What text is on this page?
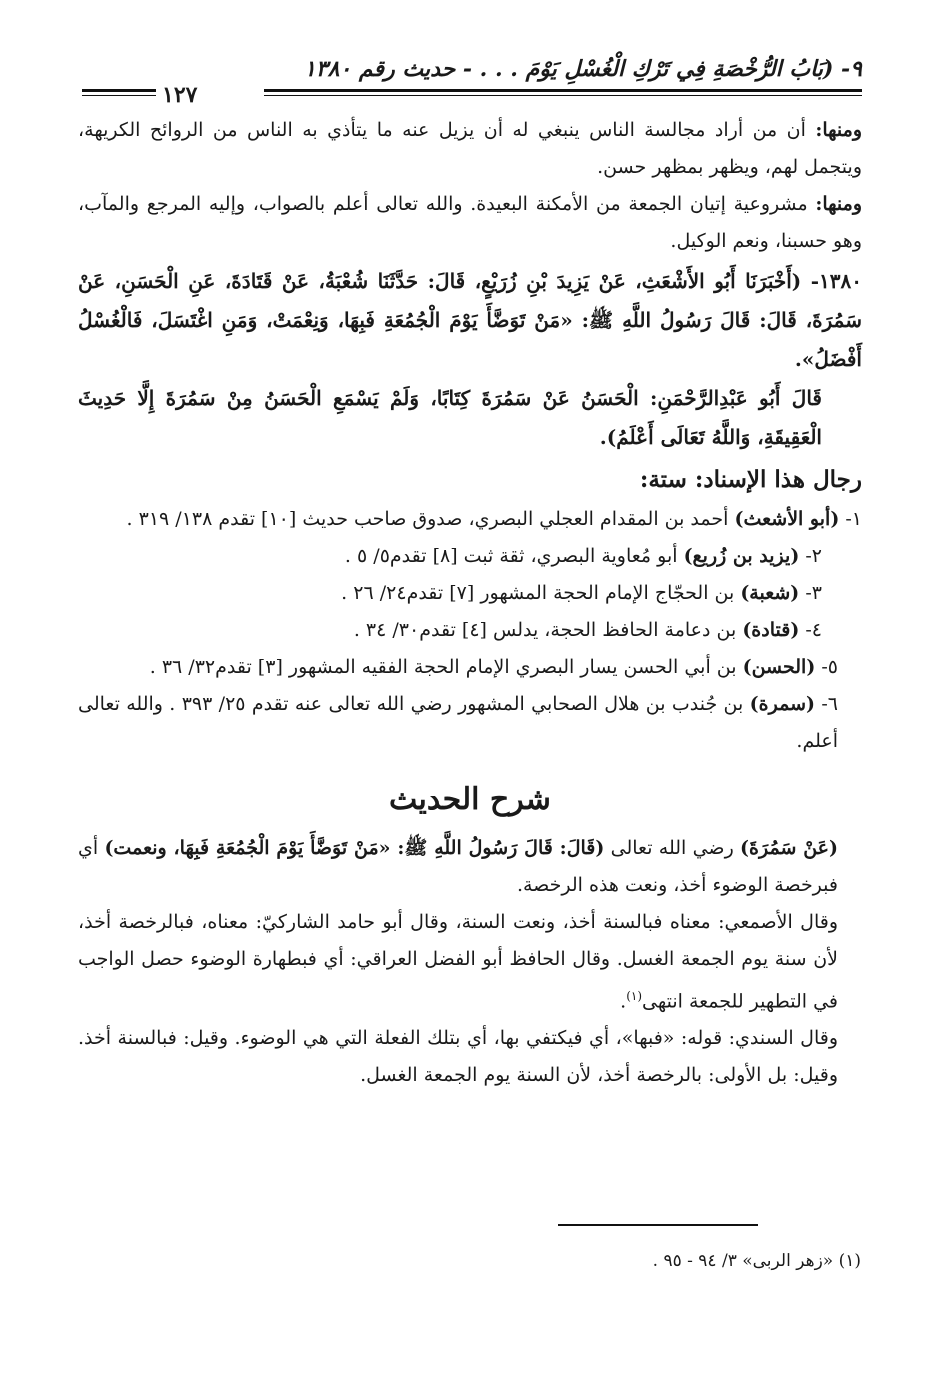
٩- (بَابُ الرُّخْصَةِ فِي تَرْكِ الْغُسْلِ يَوْمَ . . . - حديث رقم ١٣٨٠
١٢٧

ومنها: أن من أراد مجالسة الناس ينبغي له أن يزيل عنه ما يتأذي به الناس من الروائح الكريهة، ويتجمل لهم، ويظهر بمظهر حسن.

ومنها: مشروعية إتيان الجمعة من الأمكنة البعيدة. والله تعالى أعلم بالصواب، وإليه المرجع والمآب، وهو حسبنا، ونعم الوكيل.

١٣٨٠- (أَخْبَرَنَا أَبُو الأَشْعَثِ، عَنْ يَزِيدَ بْنِ زُرَيْعٍ، قَالَ: حَدَّثَنَا شُعْبَةُ، عَنْ قَتَادَةَ، عَنِ الْحَسَنِ، عَنْ سَمُرَةَ، قَالَ: قَالَ رَسُولُ اللَّهِ ﷺ: «مَنْ تَوَضَّأَ يَوْمَ الْجُمُعَةِ فَبِهَا، وَنِعْمَتْ، وَمَنِ اغْتَسَلَ، فَالْغُسْلُ أَفْضَلُ».

قَالَ أَبُو عَبْدِالرَّحْمَنِ: الْحَسَنُ عَنْ سَمُرَةَ كِتَابًا، وَلَمْ يَسْمَعِ الْحَسَنُ مِنْ سَمُرَةَ إِلَّا حَدِيثَ الْعَقِيقَةِ، وَاللَّهُ تَعَالَى أَعْلَمُ).

رجال هذا الإسناد: ستة:

١- (أبو الأشعث) أحمد بن المقدام العجلي البصري، صدوق صاحب حديث [١٠] تقدم ١٣٨/ ٣١٩ .

٢- (يزيد بن زُريع) أبو مُعاوية البصري، ثقة ثبت [٨] تقدم٥/ ٥ .

٣- (شعبة) بن الحجّاج الإمام الحجة المشهور [٧] تقدم٢٤/ ٢٦ .

٤- (قتادة) بن دعامة الحافظ الحجة، يدلس [٤] تقدم٣٠/ ٣٤ .

٥- (الحسن) بن أبي الحسن يسار البصري الإمام الحجة الفقيه المشهور [٣] تقدم٣٢/ ٣٦ .

٦- (سمرة) بن جُندب بن هلال الصحابي المشهور رضي الله تعالى عنه تقدم ٢٥/ ٣٩٣ . والله تعالى أعلم.

شرح الحديث

(عَنْ سَمُرَةَ) رضي الله تعالى (قَالَ: قَالَ رَسُولُ اللَّهِ ﷺ: «مَنْ تَوَضَّأَ يَوْمَ الْجُمُعَةِ فَبِهَا، ونعمت) أي فبرخصة الوضوء أخذ، ونعت هذه الرخصة.

وقال الأصمعي: معناه فبالسنة أخذ، ونعت السنة، وقال أبو حامد الشاركيّ: معناه، فبالرخصة أخذ، لأن سنة يوم الجمعة الغسل. وقال الحافظ أبو الفضل العراقي: أي فبطهارة الوضوء حصل الواجب في التطهير للجمعة انتهى$^{(١)}$.

وقال السندي: قوله: «فبها»، أي فيكتفي بها، أي بتلك الفعلة التي هي الوضوء. وقيل: فبالسنة أخذ. وقيل: بل الأولى: بالرخصة أخذ، لأن السنة يوم الجمعة الغسل.

(١) «زهر الربى» ٣/ ٩٤ - ٩٥ .
